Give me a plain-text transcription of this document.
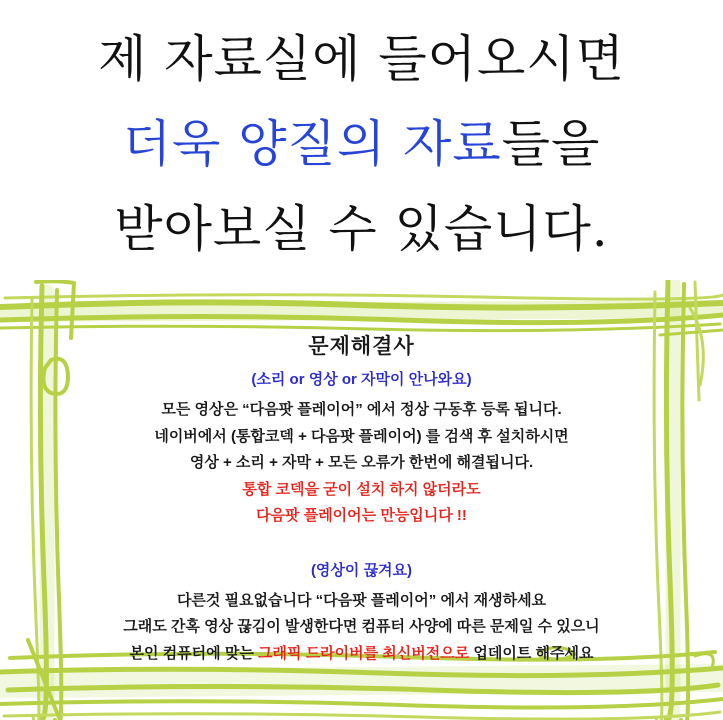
제 자료실에 들어오시면
더욱 양질의 자료 들을
받아보실 수 있습니다.
문제해결사
(소리 or 영상 or 자막이 안나와요)
모든 영상은 “다음팟 플레이어” 에서 정상 구동후 등록 됩니다.
네이버에서 (통합코덱 + 다음팟 플레이어) 를 검색 후 설치하시면
영상 + 소리 + 자막 + 모든 오류가 한번에 해결됩니다.
통합 코덱을 굳이 설치 하지 않더라도
다음팟 플레이어는 만능입니다 !!
(영상이 끊겨요)
다른것 필요없습니다 “다음팟 플레이어” 에서 재생하세요
그래도 간혹 영상 끊김이 발생한다면 컴퓨터 사양에 따른 문제일 수 있으니
본인 컴퓨터에 맞는 그래픽 드라이버를 최신버전으로 업데이트 해주세요
